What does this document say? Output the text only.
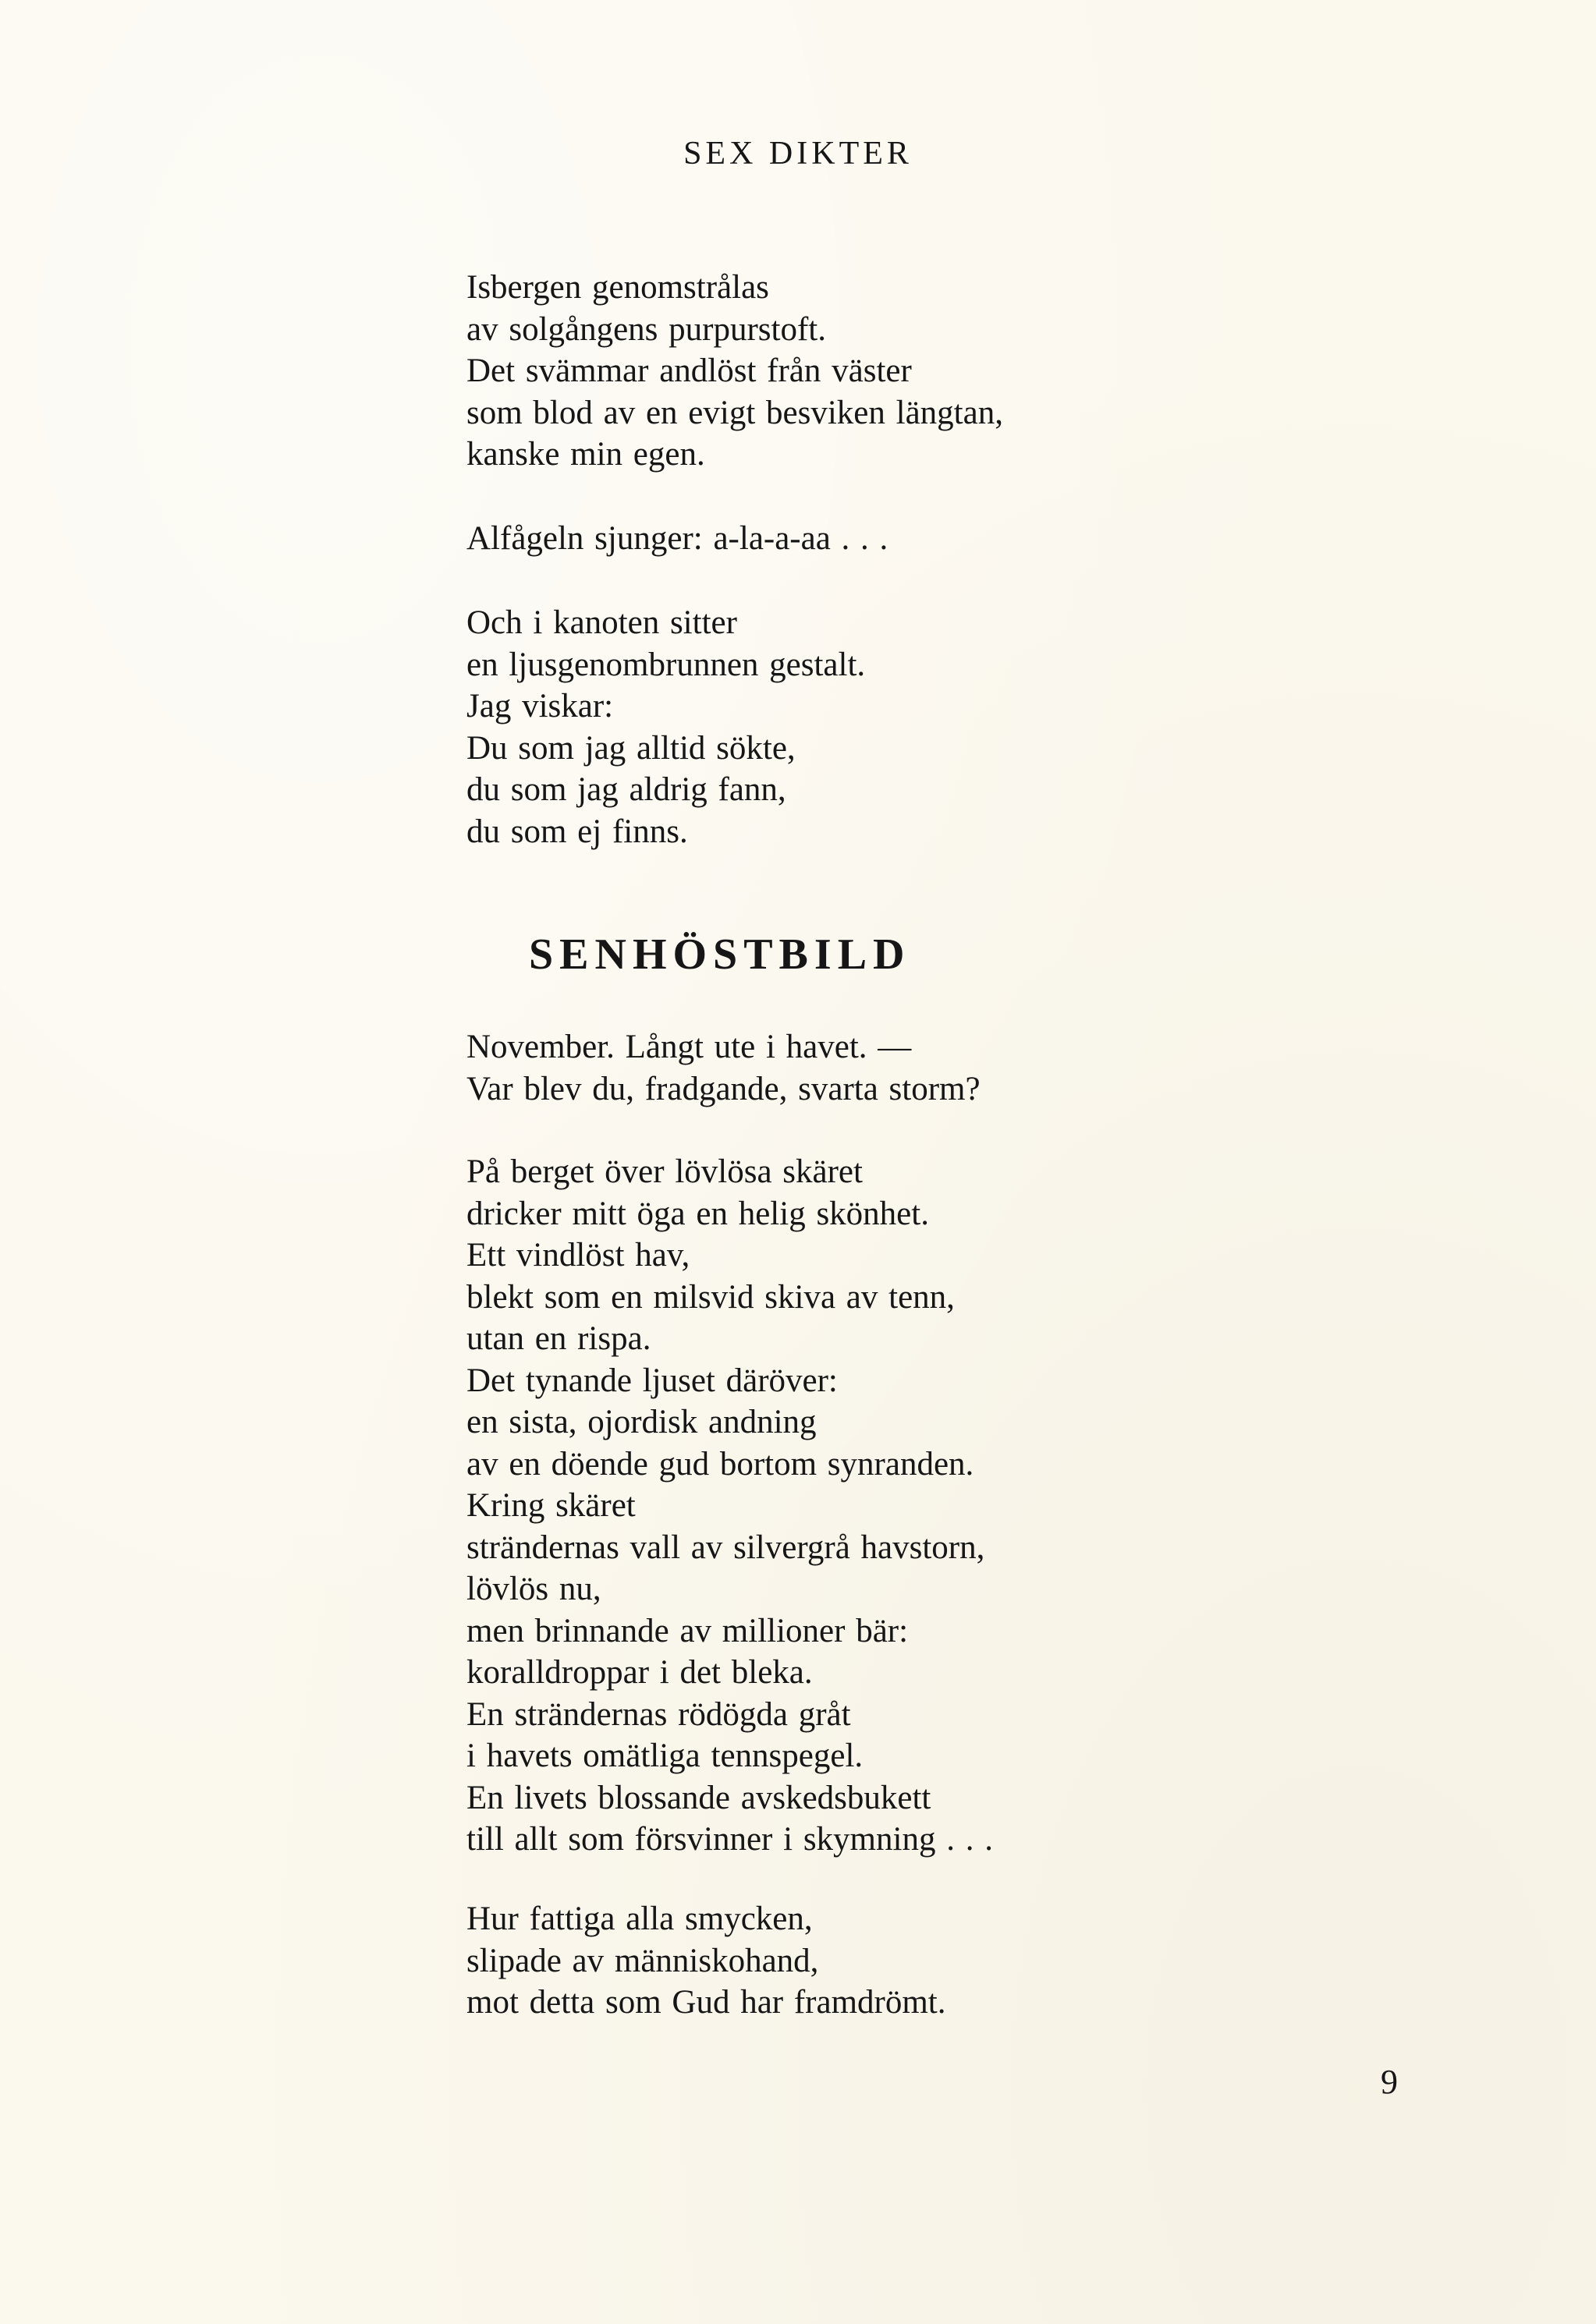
SEX DIKTER
Isbergen genomstrålas
av solgångens purpurstoft.
Det svämmar andlöst från väster
som blod av en evigt besviken längtan,
kanske min egen.
Alfågeln sjunger: a-la-a-aa . . .
Och i kanoten sitter
en ljusgenombrunnen gestalt.
Jag viskar:
Du som jag alltid sökte,
du som jag aldrig fann,
du som ej finns.
SENHÖSTBILD
November. Långt ute i havet. —
Var blev du, fradgande, svarta storm?
På berget över lövlösa skäret
dricker mitt öga en helig skönhet.
Ett vindlöst hav,
blekt som en milsvid skiva av tenn,
utan en rispa.
Det tynande ljuset däröver:
en sista, ojordisk andning
av en döende gud bortom synranden.
Kring skäret
strändernas vall av silvergrå havstorn,
lövlös nu,
men brinnande av millioner bär:
koralldroppar i det bleka.
En strändernas rödögda gråt
i havets omätliga tennspegel.
En livets blossande avskedsbukett
till allt som försvinner i skymning . . .
Hur fattiga alla smycken,
slipade av människohand,
mot detta som Gud har framdrömt.
9
